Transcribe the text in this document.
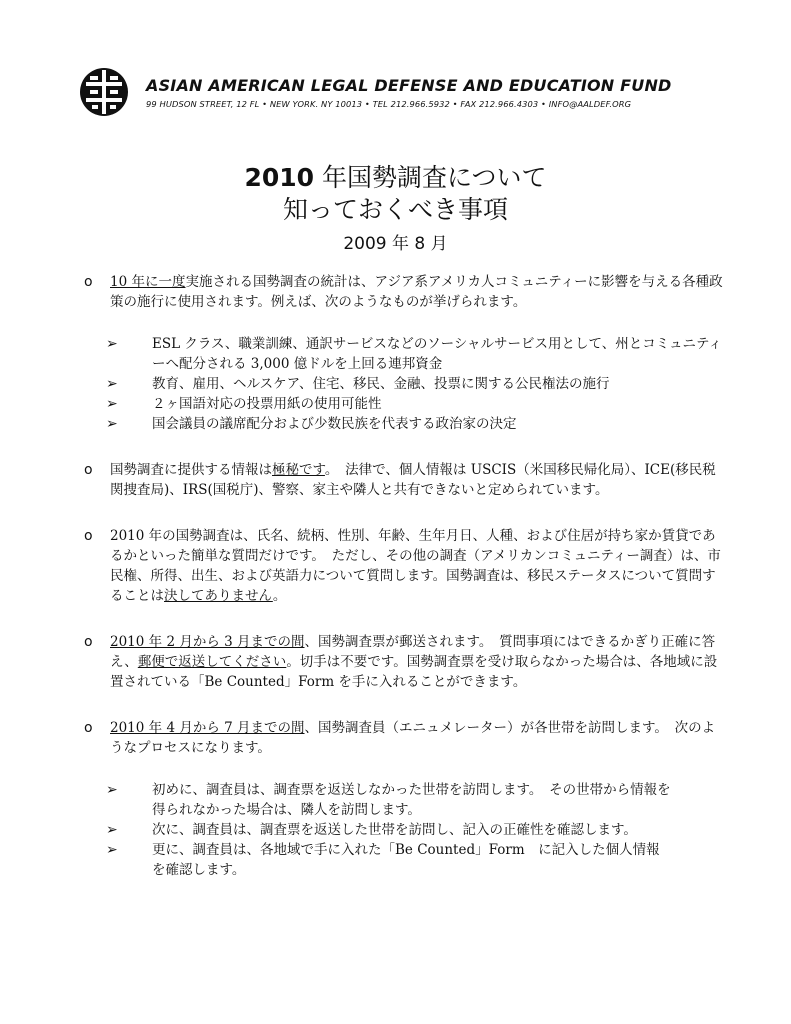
ASIAN AMERICAN LEGAL DEFENSE AND EDUCATION FUND
99 HUDSON STREET, 12 FL • NEW YORK. NY 10013 • TEL 212.966.5932 • FAX 212.966.4303 • INFO@AALDEF.ORG
2010 年国勢調査について
知っておくべき事項
2009 年 8 月
o 10 年に一度実施される国勢調査の統計は、アジア系アメリカ人コミュニティーに影響を与える各種政策の施行に使用されます。例えば、次のようなものが挙げられます。
➢	ESL クラス、職業訓練、通訳サービスなどのソーシャルサービス用として、州とコミュニティーへ配分される 3,000 億ドルを上回る連邦資金
➢	教育、雇用、ヘルスケア、住宅、移民、金融、投票に関する公民権法の施行
➢	２ヶ国語対応の投票用紙の使用可能性
➢	国会議員の議席配分および少数民族を代表する政治家の決定
o 国勢調査に提供する情報は極秘です。　法律で、個人情報は USCIS（米国移民帰化局）、ICE(移民税関捜査局)、IRS(国税庁)、警察、家主や隣人と共有できないと定められています。
o 2010 年の国勢調査は、氏名、続柄、性別、年齢、生年月日、人種、および住居が持ち家か賃貸であるかといった簡単な質問だけです。　ただし、その他の調査（アメリカンコミュニティー調査）は、市民権、所得、出生、および英語力について質問します。国勢調査は、移民ステータスについて質問することは決してありません。
o 2010 年 2 月から 3 月までの間、国勢調査票が郵送されます。　質問事項にはできるかぎり正確に答え、郵便で返送してください。切手は不要です。国勢調査票を受け取らなかった場合は、各地域に設置されている「Be Counted」Form を手に入れることができます。
o 2010 年 4 月から 7 月までの間、国勢調査員（エニュメレーター）が各世帯を訪問します。　次のようなプロセスになります。
➢	初めに、調査員は、調査票を返送しなかった世帯を訪問します。　その世帯から情報を得られなかった場合は、隣人を訪問します。
➢	次に、調査員は、調査票を返送した世帯を訪問し、記入の正確性を確認します。
➢	更に、調査員は、各地域で手に入れた「Be Counted」Form　に記入した個人情報を確認します。
